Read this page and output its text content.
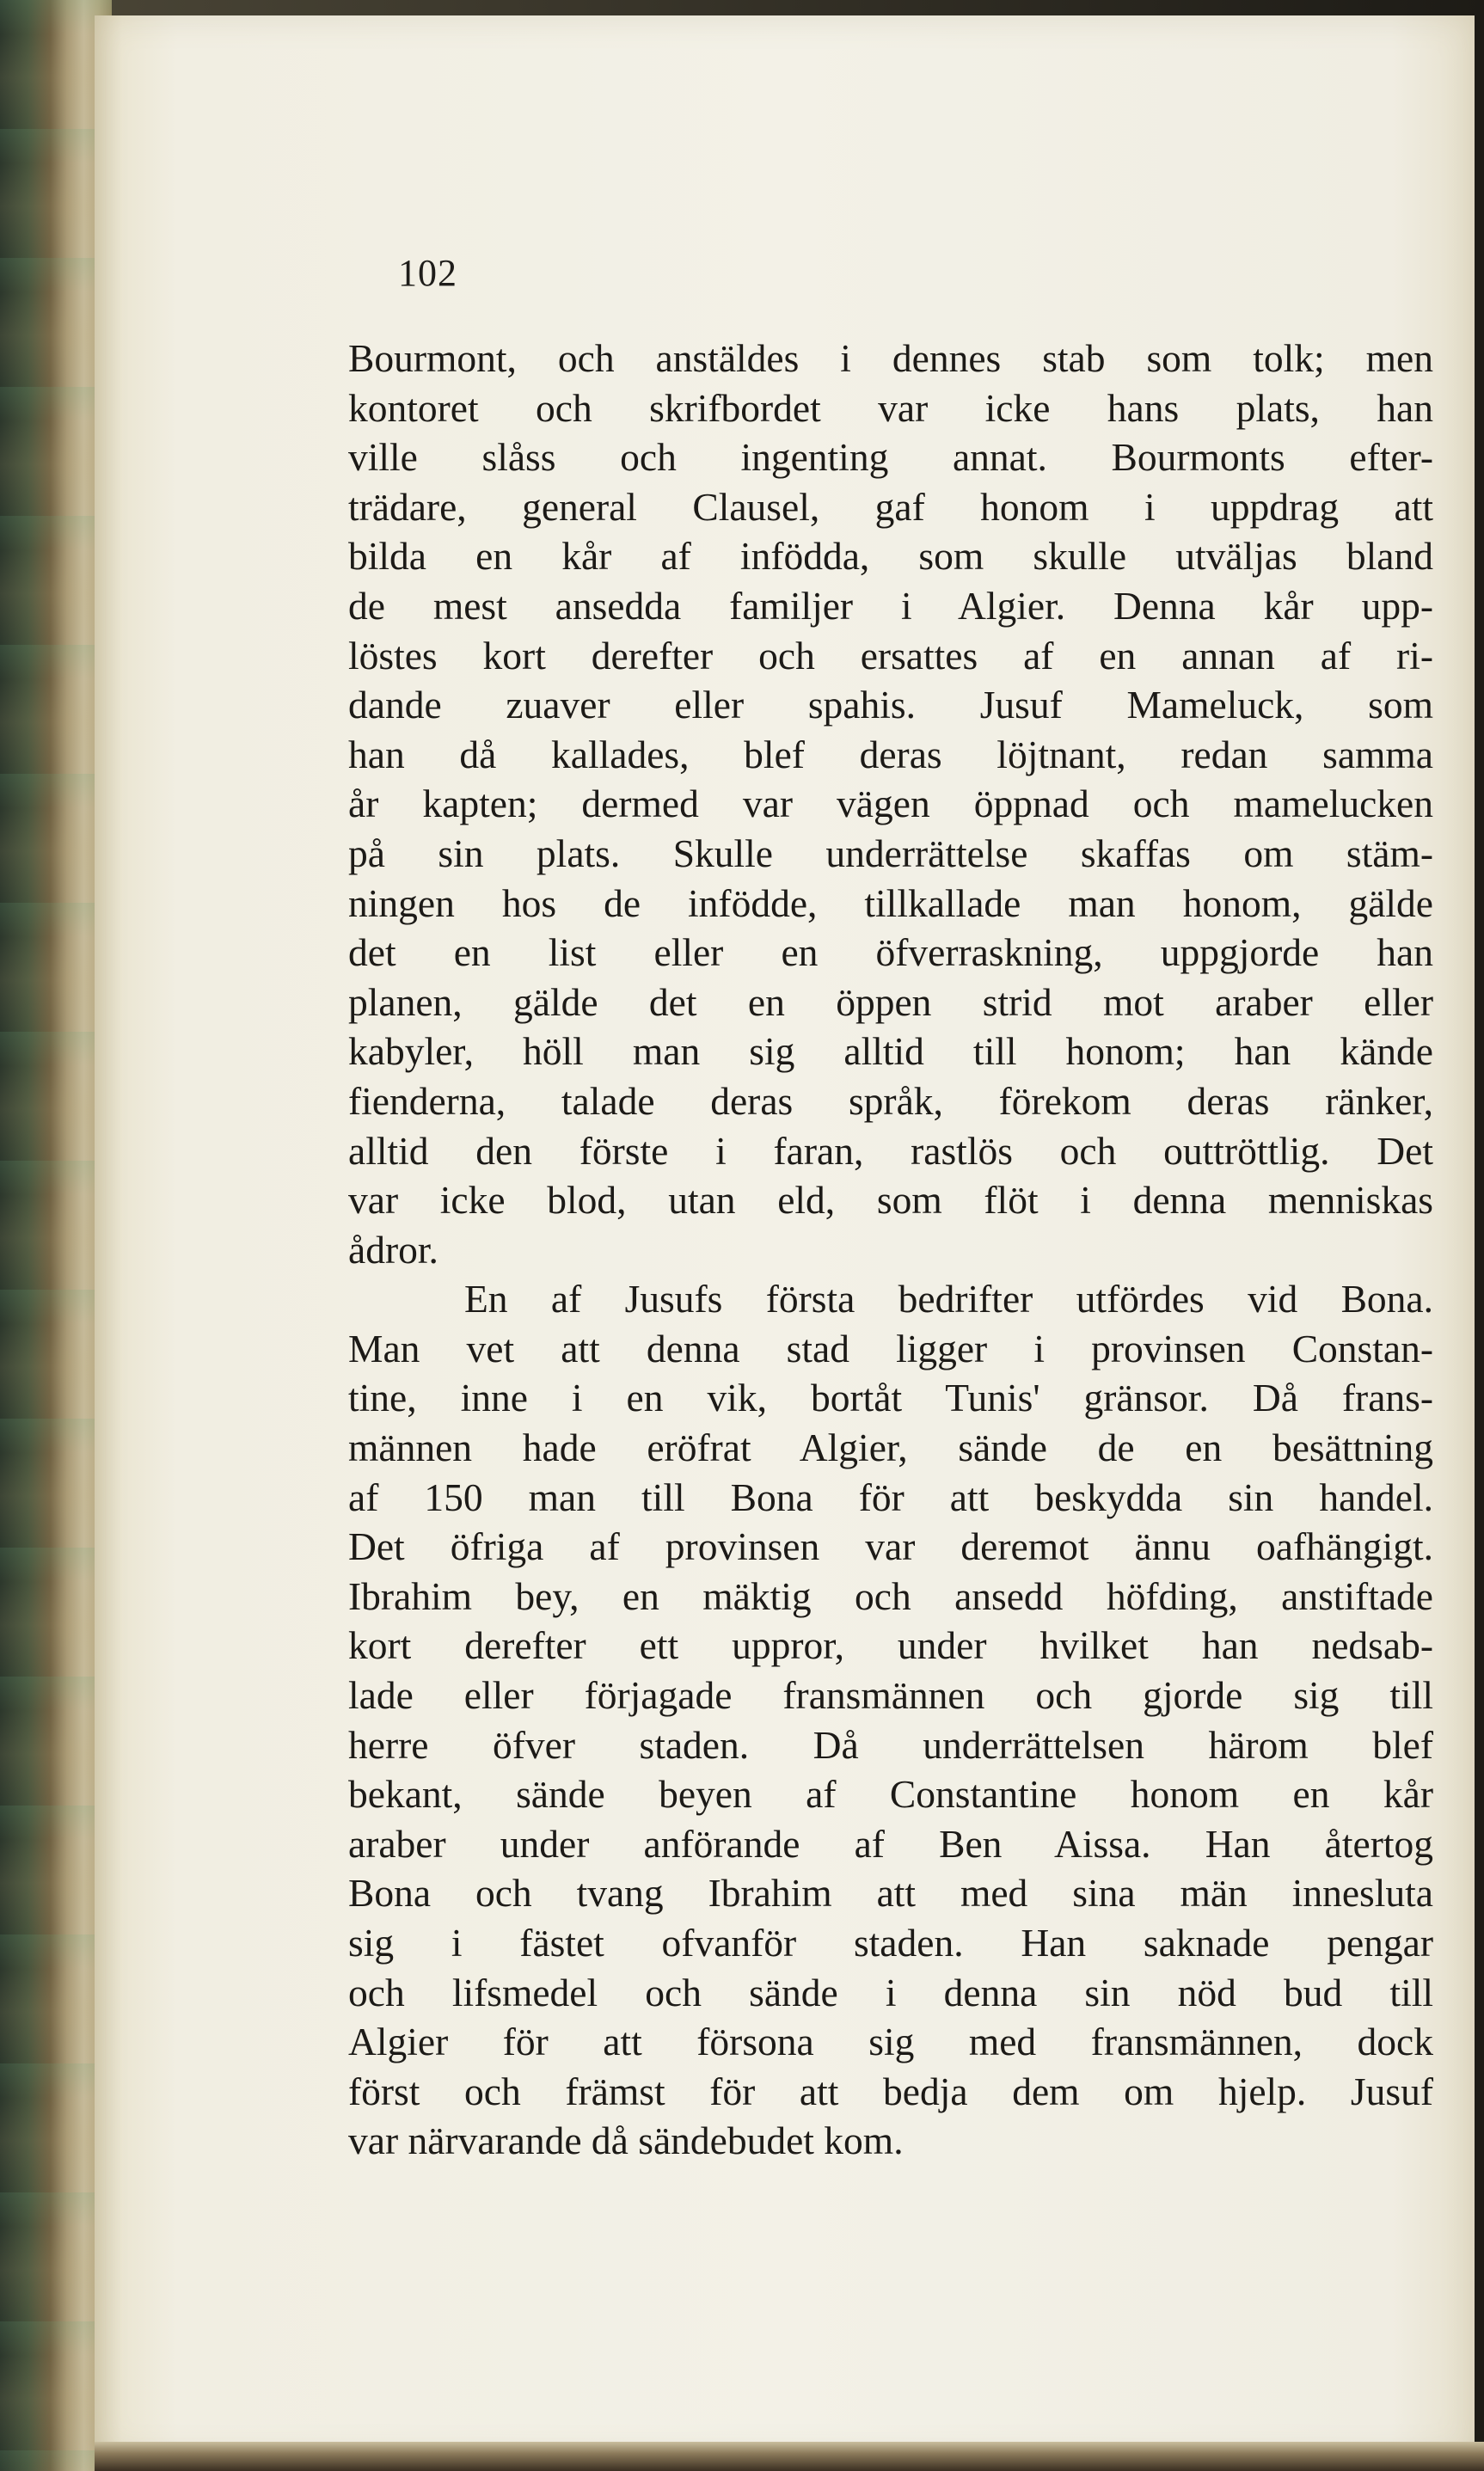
102
Bourmont, och anstäldes i dennes stab som tolk; men
kontoret och skrifbordet var icke hans plats, han
ville slåss och ingenting annat. Bourmonts efter-
trädare, general Clausel, gaf honom i uppdrag att
bilda en kår af infödda, som skulle utväljas bland
de mest ansedda familjer i Algier. Denna kår upp-
löstes kort derefter och ersattes af en annan af ri-
dande zuaver eller spahis. Jusuf Mameluck, som
han då kallades, blef deras löjtnant, redan samma
år kapten; dermed var vägen öppnad och mamelucken
på sin plats. Skulle underrättelse skaffas om stäm-
ningen hos de infödde, tillkallade man honom, gälde
det en list eller en öfverraskning, uppgjorde han
planen, gälde det en öppen strid mot araber eller
kabyler, höll man sig alltid till honom; han kände
fienderna, talade deras språk, förekom deras ränker,
alltid den förste i faran, rastlös och outtröttlig. Det
var icke blod, utan eld, som flöt i denna menniskas
ådror.
En af Jusufs första bedrifter utfördes vid Bona.
Man vet att denna stad ligger i provinsen Constan-
tine, inne i en vik, bortåt Tunis' gränsor. Då frans-
männen hade eröfrat Algier, sände de en besättning
af 150 man till Bona för att beskydda sin handel.
Det öfriga af provinsen var deremot ännu oafhängigt.
Ibrahim bey, en mäktig och ansedd höfding, anstiftade
kort derefter ett uppror, under hvilket han nedsab-
lade eller förjagade fransmännen och gjorde sig till
herre öfver staden. Då underrättelsen härom blef
bekant, sände beyen af Constantine honom en kår
araber under anförande af Ben Aissa. Han återtog
Bona och tvang Ibrahim att med sina män innesluta
sig i fästet ofvanför staden. Han saknade pengar
och lifsmedel och sände i denna sin nöd bud till
Algier för att försona sig med fransmännen, dock
först och främst för att bedja dem om hjelp. Jusuf
var närvarande då sändebudet kom.
